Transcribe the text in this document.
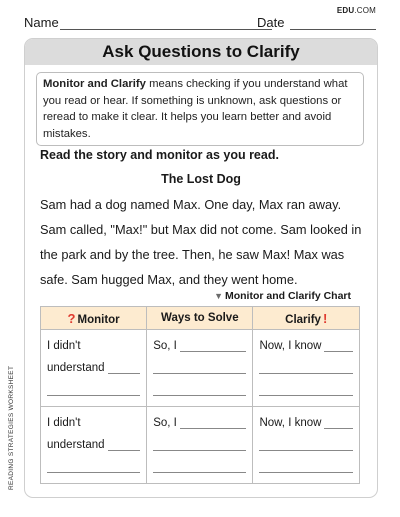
EDU.COM
Name	Date
Ask Questions to Clarify
Monitor and Clarify means checking if you understand what you read or hear. If something is unknown, ask questions or reread to make it clear. It helps you learn better and avoid mistakes.
Read the story and monitor as you read.
The Lost Dog
Sam had a dog named Max. One day, Max ran away. Sam called, "Max!" but Max did not come. Sam looked in the park and by the tree. Then, he saw Max! Max was safe. Sam hugged Max, and they went home.
▼ Monitor and Clarify Chart
? Monitor	Ways to Solve	Clarify !

I didn't
understand	So, I	Now, I know

I didn't
understand	So, I	Now, I know
READING STRATEGIES WORKSHEET
